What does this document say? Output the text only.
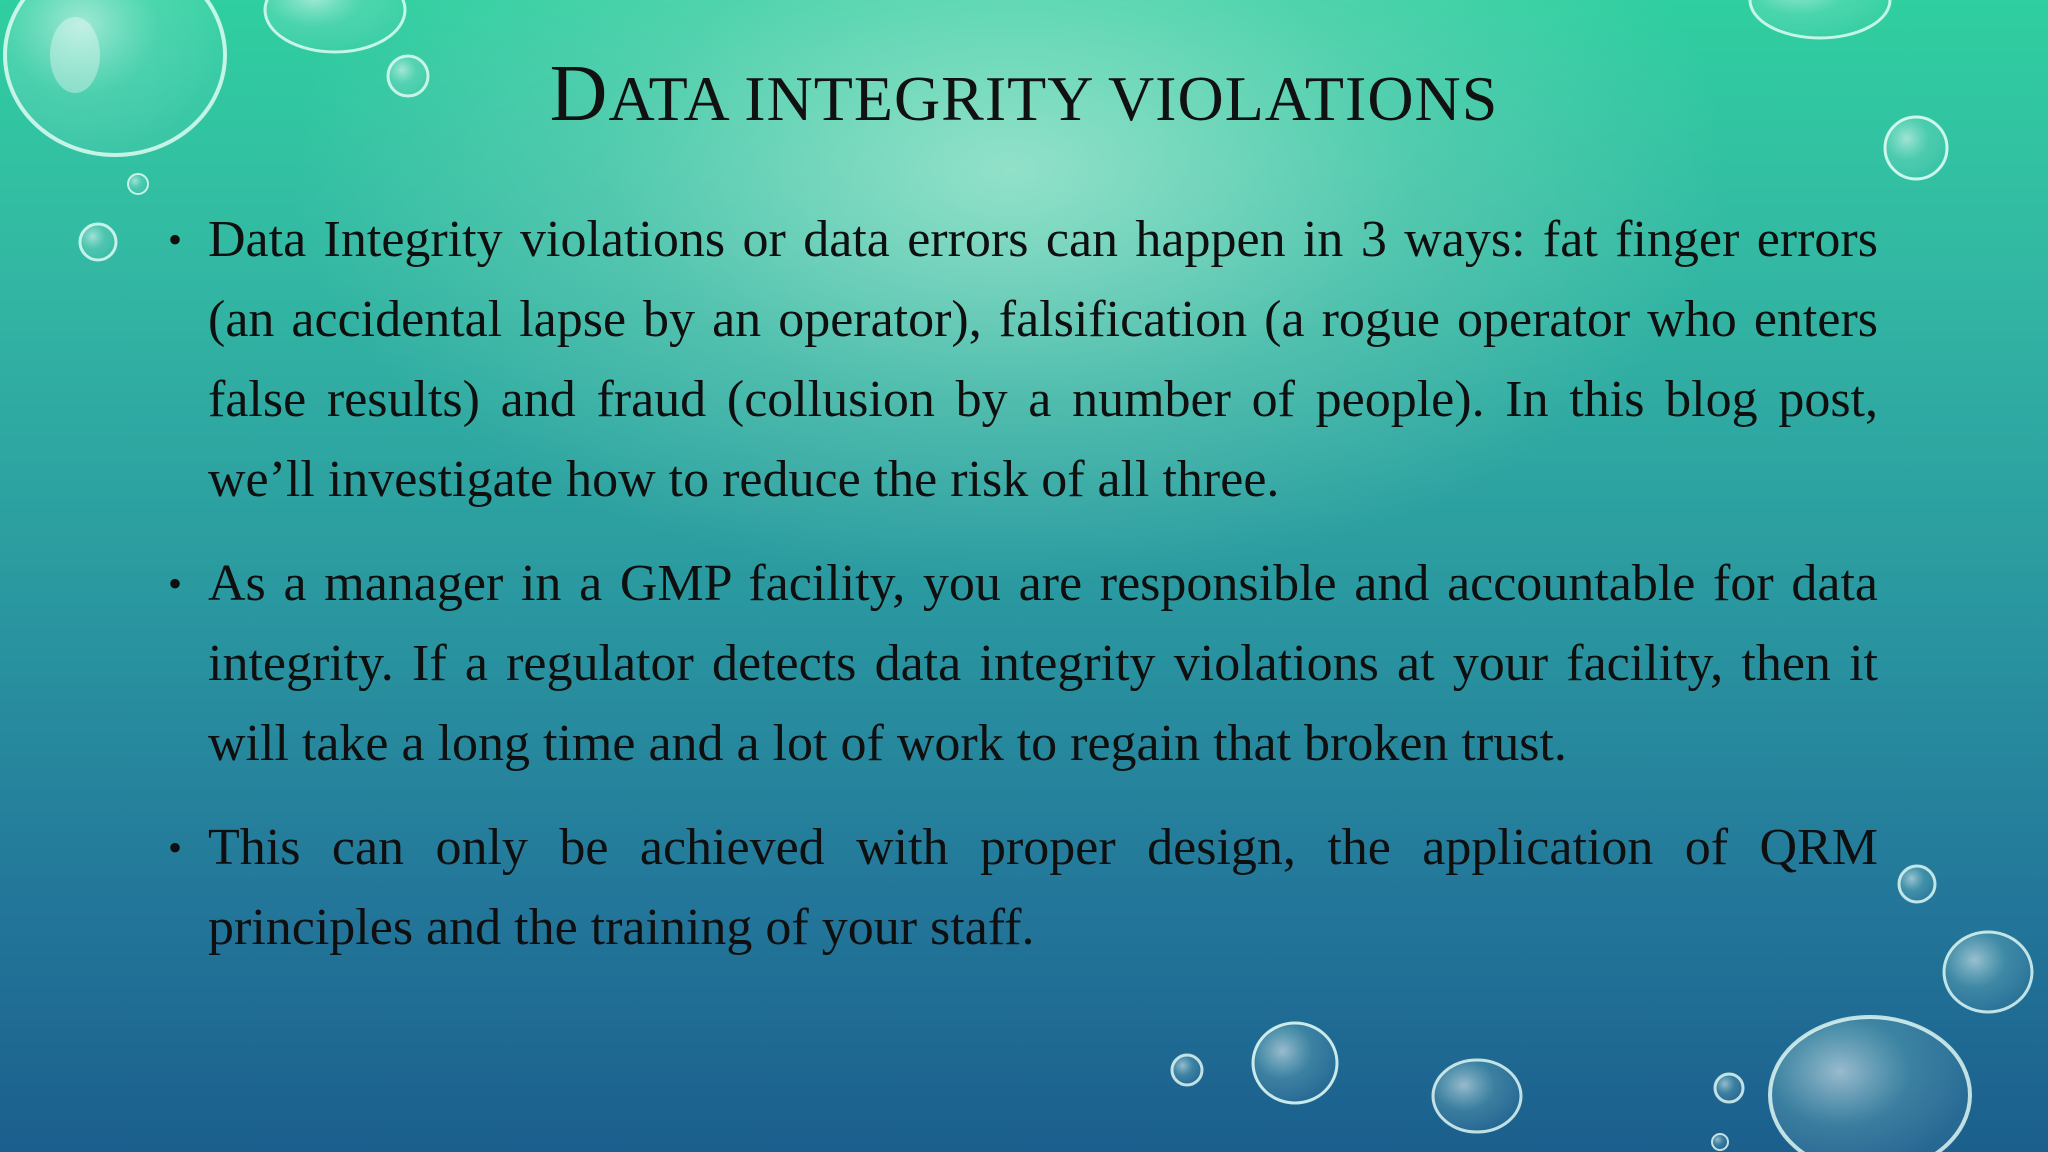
DATA INTEGRITY VIOLATIONS
• Data Integrity violations or data errors can happen in 3 ways: fat finger errors (an accidental lapse by an operator), falsification (a rogue operator who enters false results) and fraud (collusion by a number of people). In this blog post, we’ll investigate how to reduce the risk of all three.
• As a manager in a GMP facility, you are responsible and accountable for data integrity. If a regulator detects data integrity violations at your facility, then it will take a long time and a lot of work to regain that broken trust.
• This can only be achieved with proper design, the application of QRM principles and the training of your staff.
